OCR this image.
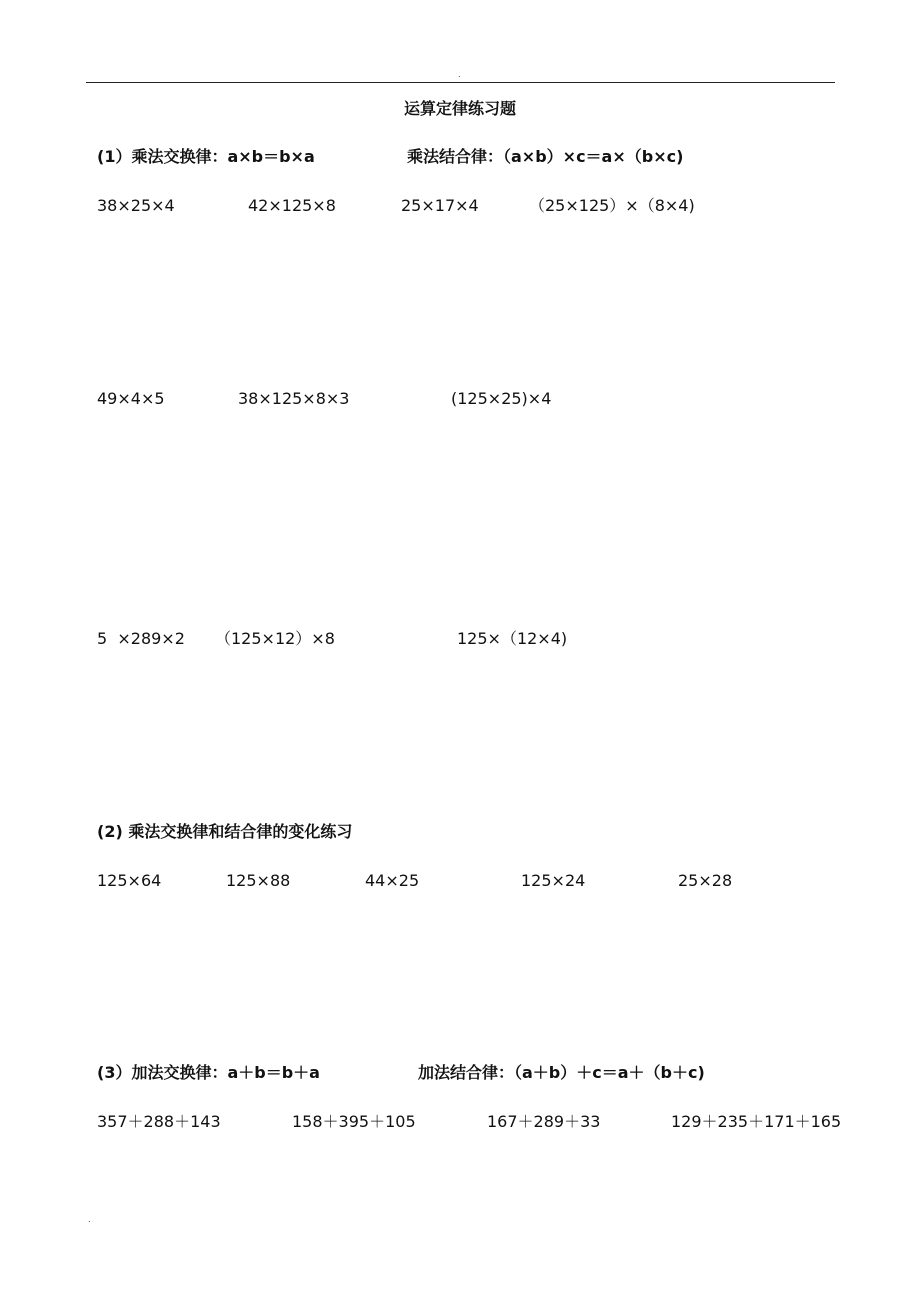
.
运算定律练习题
(1）乘法交换律：a×b＝b×a	乘法结合律：（a×b）×c＝a×（b×c)
38×25×4	42×125×8	25×17×4	（25×125）×（8×4)
49×4×5	38×125×8×3	(125×25)×4
5  ×289×2 （125×12）×8	125×（12×4)
(2) 乘法交换律和结合律的变化练习
125×64	125×88	44×25	125×24	25×28
(3）加法交换律：a＋b＝b＋a	加法结合律：（a＋b）＋c＝a＋（b＋c)
357＋288＋143	158＋395＋105	167＋289＋33	129＋235＋171＋165
.
